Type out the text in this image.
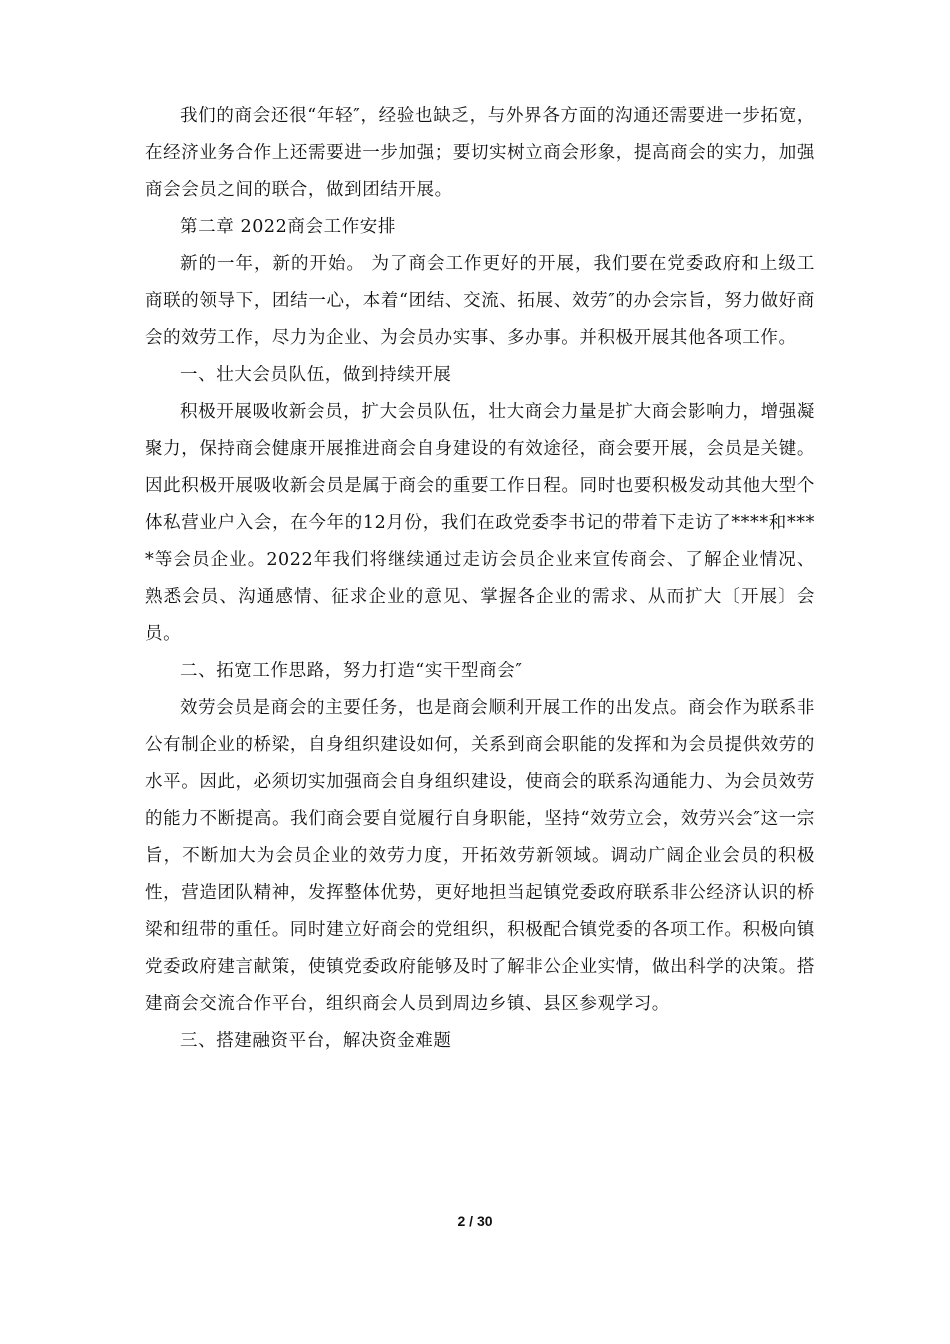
我们的商会还很“年轻″，经验也缺乏，与外界各方面的沟通还需要进一步拓宽，在经济业务合作上还需要进一步加强；要切实树立商会形象，提高商会的实力，加强商会会员之间的联合，做到团结开展。

第二章 2022商会工作安排

新的一年，新的开始。 为了商会工作更好的开展，我们要在党委政府和上级工商联的领导下，团结一心，本着“团结、交流、拓展、效劳″的办会宗旨，努力做好商会的效劳工作，尽力为企业、为会员办实事、多办事。并积极开展其他各项工作。

一、壮大会员队伍，做到持续开展

积极开展吸收新会员，扩大会员队伍，壮大商会力量是扩大商会影响力，增强凝聚力，保持商会健康开展推进商会自身建设的有效途径，商会要开展，会员是关键。因此积极开展吸收新会员是属于商会的重要工作日程。同时也要积极发动其他大型个体私营业户入会，在今年的12月份，我们在政党委李书记的带着下走访了****和****等会员企业。2022年我们将继续通过走访会员企业来宣传商会、了解企业情况、熟悉会员、沟通感情、征求企业的意见、掌握各企业的需求、从而扩大〔开展〕会员。

二、拓宽工作思路，努力打造“实干型商会″

效劳会员是商会的主要任务，也是商会顺利开展工作的出发点。商会作为联系非公有制企业的桥梁，自身组织建设如何，关系到商会职能的发挥和为会员提供效劳的水平。因此，必须切实加强商会自身组织建设，使商会的联系沟通能力、为会员效劳的能力不断提高。我们商会要自觉履行自身职能，坚持“效劳立会，效劳兴会″这一宗旨，不断加大为会员企业的效劳力度，开拓效劳新领域。调动广阔企业会员的积极性，营造团队精神，发挥整体优势，更好地担当起镇党委政府联系非公经济认识的桥梁和纽带的重任。同时建立好商会的党组织，积极配合镇党委的各项工作。积极向镇党委政府建言献策，使镇党委政府能够及时了解非公企业实情，做出科学的决策。搭建商会交流合作平台，组织商会人员到周边乡镇、县区参观学习。

三、搭建融资平台，解决资金难题

2 / 30
